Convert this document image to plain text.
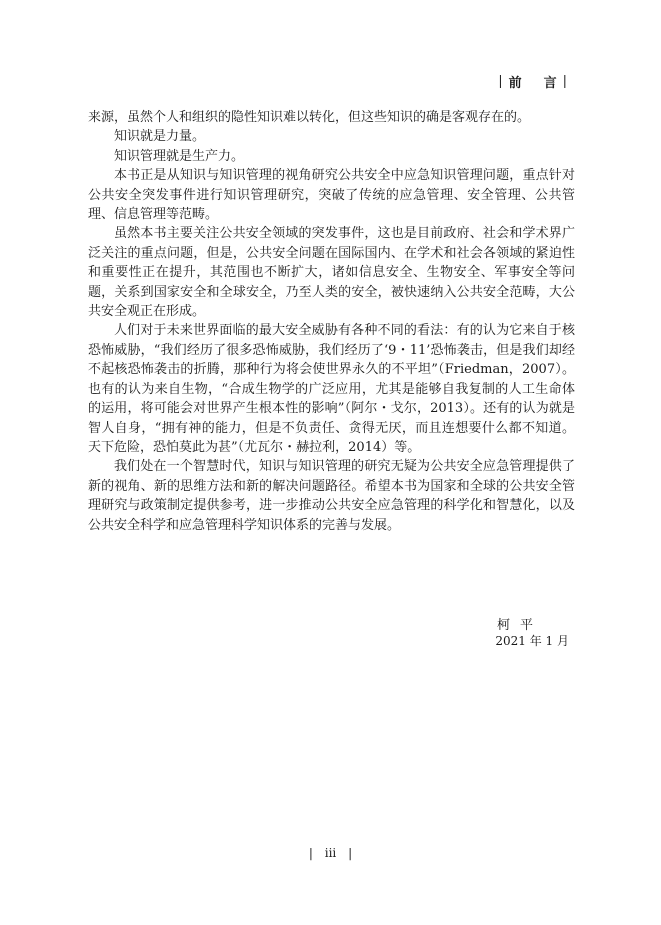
| 前 言 |

来源，虽然个人和组织的隐性知识难以转化，但这些知识的确是客观存在的。

知识就是力量。

知识管理就是生产力。

本书正是从知识与知识管理的视角研究公共安全中应急知识管理问题，重点针对公共安全突发事件进行知识管理研究，突破了传统的应急管理、安全管理、公共管理、信息管理等范畴。

虽然本书主要关注公共安全领域的突发事件，这也是目前政府、社会和学术界广泛关注的重点问题，但是，公共安全问题在国际国内、在学术和社会各领域的紧迫性和重要性正在提升，其范围也不断扩大，诸如信息安全、生物安全、军事安全等问题，关系到国家安全和全球安全，乃至人类的安全，被快速纳入公共安全范畴，大公共安全观正在形成。

人们对于未来世界面临的最大安全威胁有各种不同的看法：有的认为它来自于核恐怖威胁，“我们经历了很多恐怖威胁，我们经历了‘9・11’恐怖袭击，但是我们却经不起核恐怖袭击的折腾，那种行为将会使世界永久的不平坦”（Friedman，2007）。也有的认为来自生物，“合成生物学的广泛应用，尤其是能够自我复制的人工生命体的运用，将可能会对世界产生根本性的影响”（阿尔・戈尔，2013）。还有的认为就是智人自身，“拥有神的能力，但是不负责任、贪得无厌，而且连想要什么都不知道。天下危险，恐怕莫此为甚”（尤瓦尔・赫拉利，2014）等。

我们处在一个智慧时代，知识与知识管理的研究无疑为公共安全应急管理提供了新的视角、新的思维方法和新的解决问题路径。希望本书为国家和全球的公共安全管理研究与政策制定提供参考，进一步推动公共安全应急管理的科学化和智慧化，以及公共安全科学和应急管理科学知识体系的完善与发展。

柯平
2021 年 1 月
| iii |
